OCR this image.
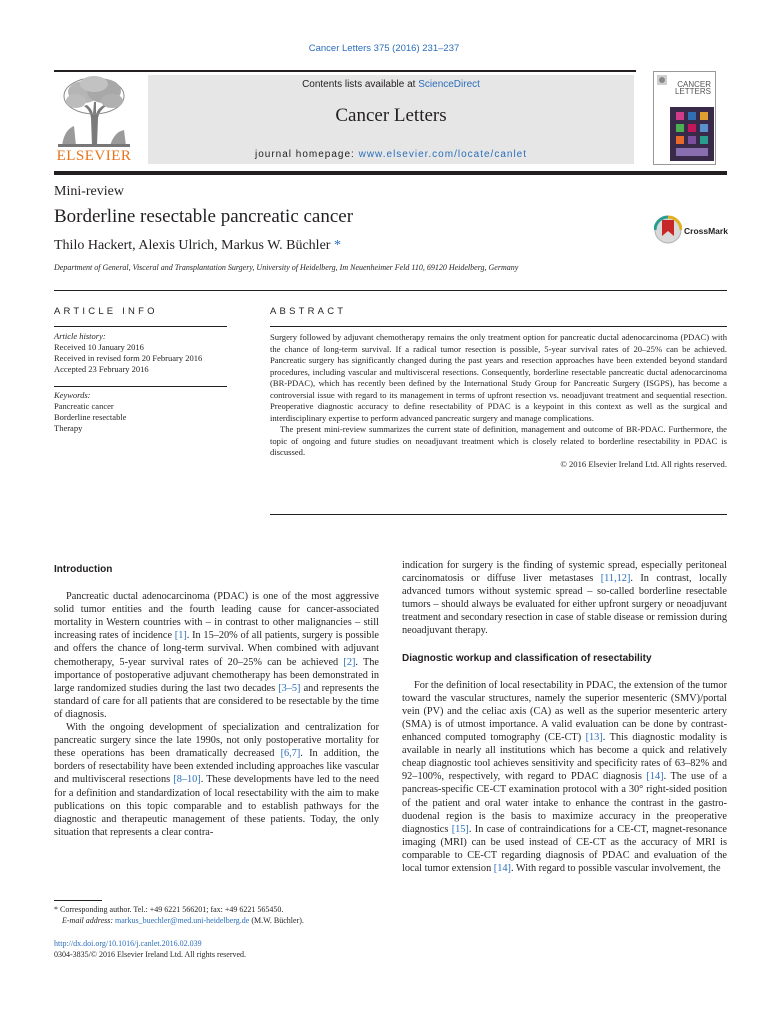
Cancer Letters 375 (2016) 231–237
ELSEVIER
Contents lists available at ScienceDirect
Cancer Letters
journal homepage: www.elsevier.com/locate/canlet
CANCER
LETTERS
Mini-review
Borderline resectable pancreatic cancer
Thilo Hackert, Alexis Ulrich, Markus W. Büchler *
Department of General, Visceral and Transplantation Surgery, University of Heidelberg, Im Neuenheimer Feld 110, 69120 Heidelberg, Germany
CrossMark
ARTICLE INFO
Article history:
Received 10 January 2016
Received in revised form 20 February 2016
Accepted 23 February 2016
Keywords:
Pancreatic cancer
Borderline resectable
Therapy
ABSTRACT

Surgery followed by adjuvant chemotherapy remains the only treatment option for pancreatic ductal adenocarcinoma (PDAC) with the chance of long-term survival. If a radical tumor resection is possible, 5-year survival rates of 20–25% can be achieved. Pancreatic surgery has significantly changed during the past years and resection approaches have been extended beyond standard procedures, including vascular and multivisceral resections. Consequently, borderline resectable pancreatic ductal adenocarcinoma (BR-PDAC), which has recently been defined by the International Study Group for Pancreatic Surgery (ISGPS), has become a controversial issue with regard to its management in terms of upfront resection vs. neoadjuvant treatment and sequential resection. Preoperative diagnostic accuracy to define resectability of PDAC is a keypoint in this context as well as the surgical and interdisciplinary expertise to perform advanced pancreatic surgery and manage complications.

The present mini-review summarizes the current state of definition, management and outcome of BR-PDAC. Furthermore, the topic of ongoing and future studies on neoadjuvant treatment which is closely related to borderline resectability in PDAC is discussed.

© 2016 Elsevier Ireland Ltd. All rights reserved.
Introduction

Pancreatic ductal adenocarcinoma (PDAC) is one of the most aggressive solid tumor entities and the fourth leading cause for cancer-associated mortality in Western countries with – in contrast to other malignancies – still increasing rates of incidence [1]. In 15–20% of all patients, surgery is possible and offers the chance of long-term survival. When combined with adjuvant chemotherapy, 5-year survival rates of 20–25% can be achieved [2]. The importance of postoperative adjuvant chemotherapy has been demonstrated in large randomized studies during the last two decades [3–5] and represents the standard of care for all patients that are considered to be resectable by the time of diagnosis.

With the ongoing development of specialization and centralization for pancreatic surgery since the late 1990s, not only postoperative mortality for these operations has been dramatically decreased [6,7]. In addition, the borders of resectability have been extended including approaches like vascular and multivisceral resections [8–10]. These developments have led to the need for a definition and standardization of local resectability with the aim to make publications on this topic comparable and to establish pathways for the diagnostic and therapeutic management of these patients. Today, the only situation that represents a clear contra-

indication for surgery is the finding of systemic spread, especially peritoneal carcinomatosis or diffuse liver metastases [11,12]. In contrast, locally advanced tumors without systemic spread – so-called borderline resectable tumors – should always be evaluated for either upfront surgery or neoadjuvant treatment and secondary resection in case of stable disease or remission during neoadjuvant therapy.

Diagnostic workup and classification of resectability

For the definition of local resectability in PDAC, the extension of the tumor toward the vascular structures, namely the superior mesenteric (SMV)/portal vein (PV) and the celiac axis (CA) as well as the superior mesenteric artery (SMA) is of utmost importance. A valid evaluation can be done by contrast-enhanced computed tomography (CE-CT) [13]. This diagnostic modality is available in nearly all institutions which has become a quick and relatively cheap diagnostic tool achieves sensitivity and specificity rates of 63–82% and 92–100%, respectively, with regard to PDAC diagnosis [14]. The use of a pancreas-specific CE-CT examination protocol with a 30° right-sided position of the patient and oral water intake to enhance the contrast in the gastro-duodenal region is the basis to maximize accuracy in the preoperative diagnostics [15]. In case of contraindications for a CE-CT, magnet-resonance imaging (MRI) can be used instead of CE-CT as the accuracy of MRI is comparable to CE-CT regarding diagnosis of PDAC and evaluation of the local tumor extension [14]. With regard to possible vascular involvement, the

* Corresponding author. Tel.: +49 6221 566201; fax: +49 6221 565450.
E-mail address: markus_buechler@med.uni-heidelberg.de (M.W. Büchler).
http://dx.doi.org/10.1016/j.canlet.2016.02.039
0304-3835/© 2016 Elsevier Ireland Ltd. All rights reserved.
